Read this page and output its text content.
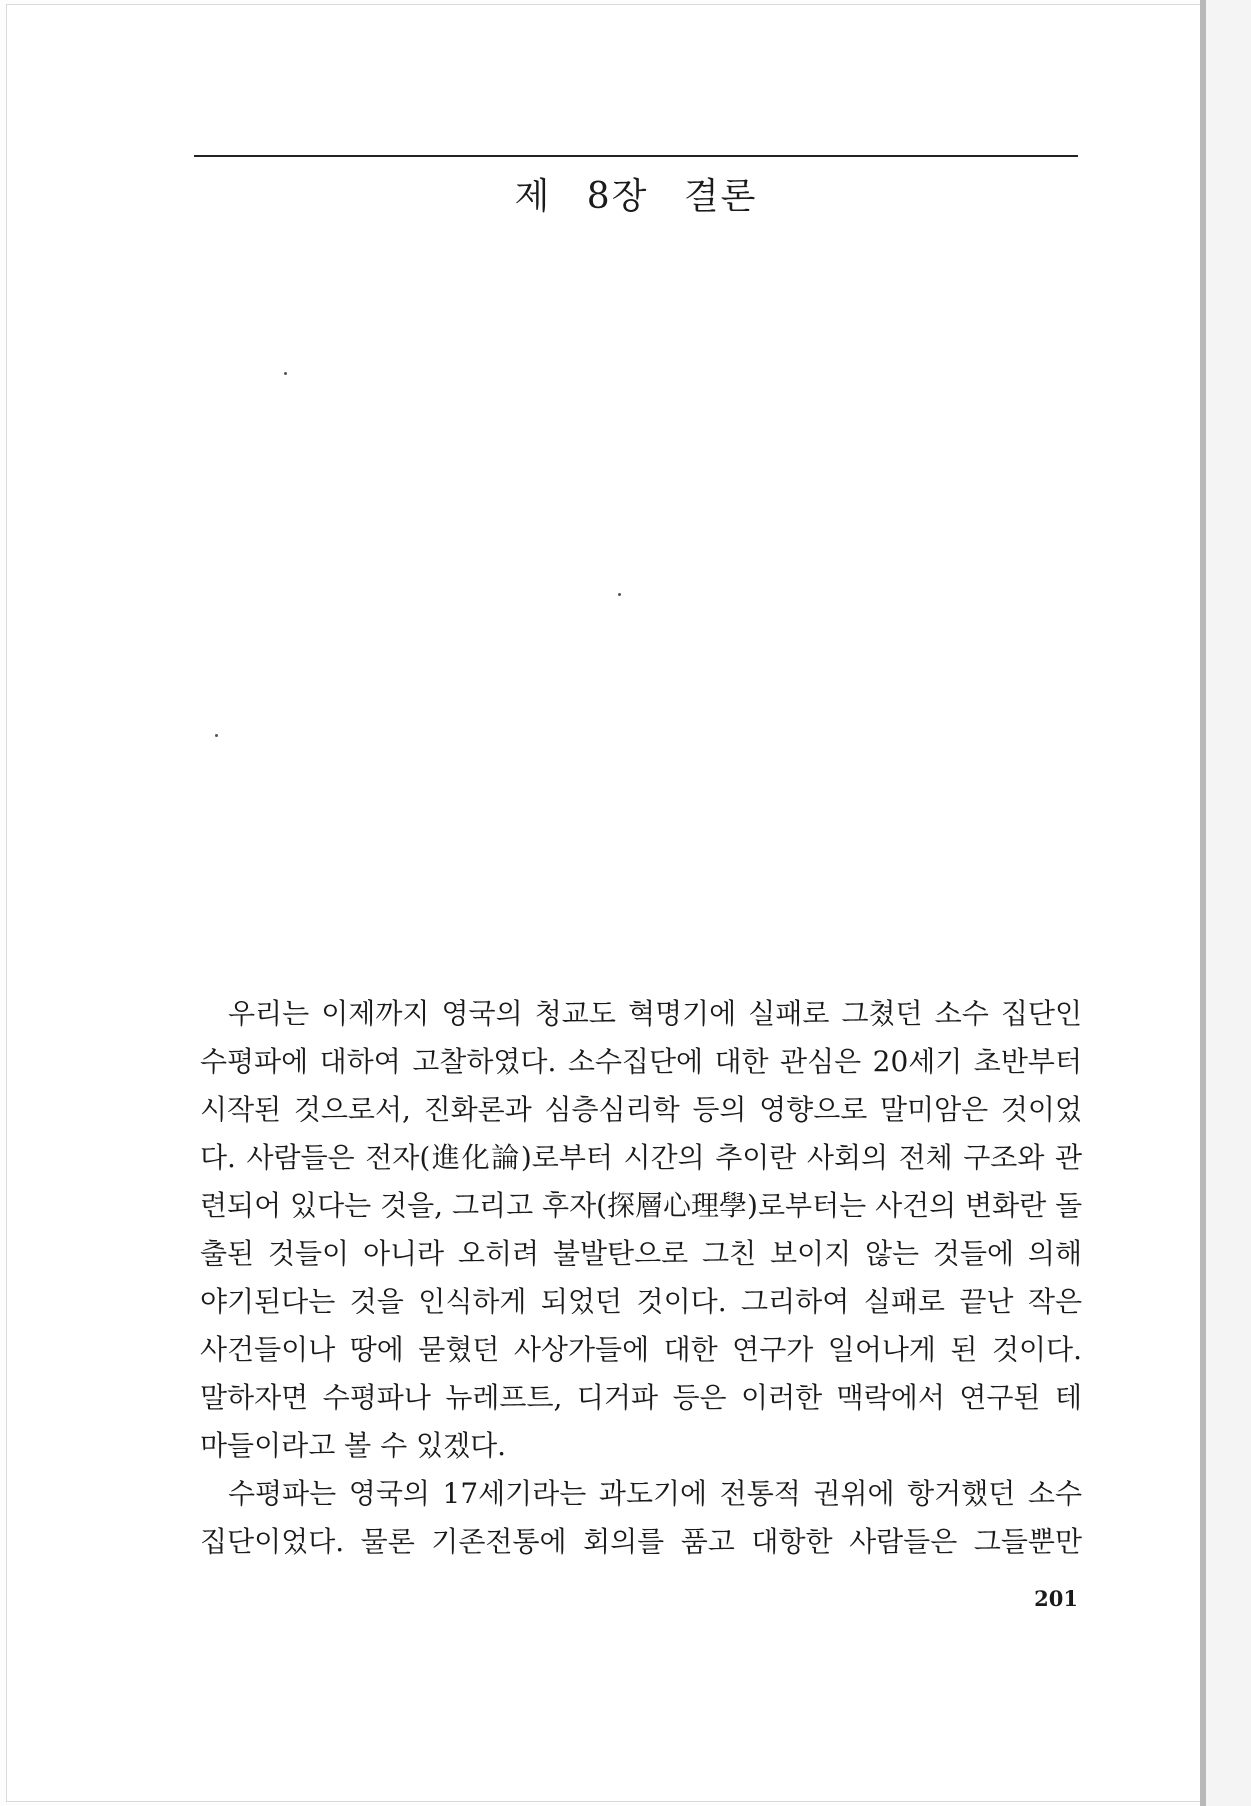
제 8장 결론

우리는 이제까지 영국의 청교도 혁명기에 실패로 그쳤던 소수 집단인
수평파에 대하여 고찰하였다. 소수집단에 대한 관심은 20세기 초반부터
시작된 것으로서, 진화론과 심층심리학 등의 영향으로 말미암은 것이었
다. 사람들은 전자(進化論)로부터 시간의 추이란 사회의 전체 구조와 관
련되어 있다는 것을, 그리고 후자(探層心理學)로부터는 사건의 변화란 돌
출된 것들이 아니라 오히려 불발탄으로 그친 보이지 않는 것들에 의해
야기된다는 것을 인식하게 되었던 것이다. 그리하여 실패로 끝난 작은
사건들이나 땅에 묻혔던 사상가들에 대한 연구가 일어나게 된 것이다.
말하자면 수평파나 뉴레프트, 디거파 등은 이러한 맥락에서 연구된 테
마들이라고 볼 수 있겠다.

수평파는 영국의 17세기라는 과도기에 전통적 권위에 항거했던 소수
집단이었다. 물론 기존전통에 회의를 품고 대항한 사람들은 그들뿐만

201
